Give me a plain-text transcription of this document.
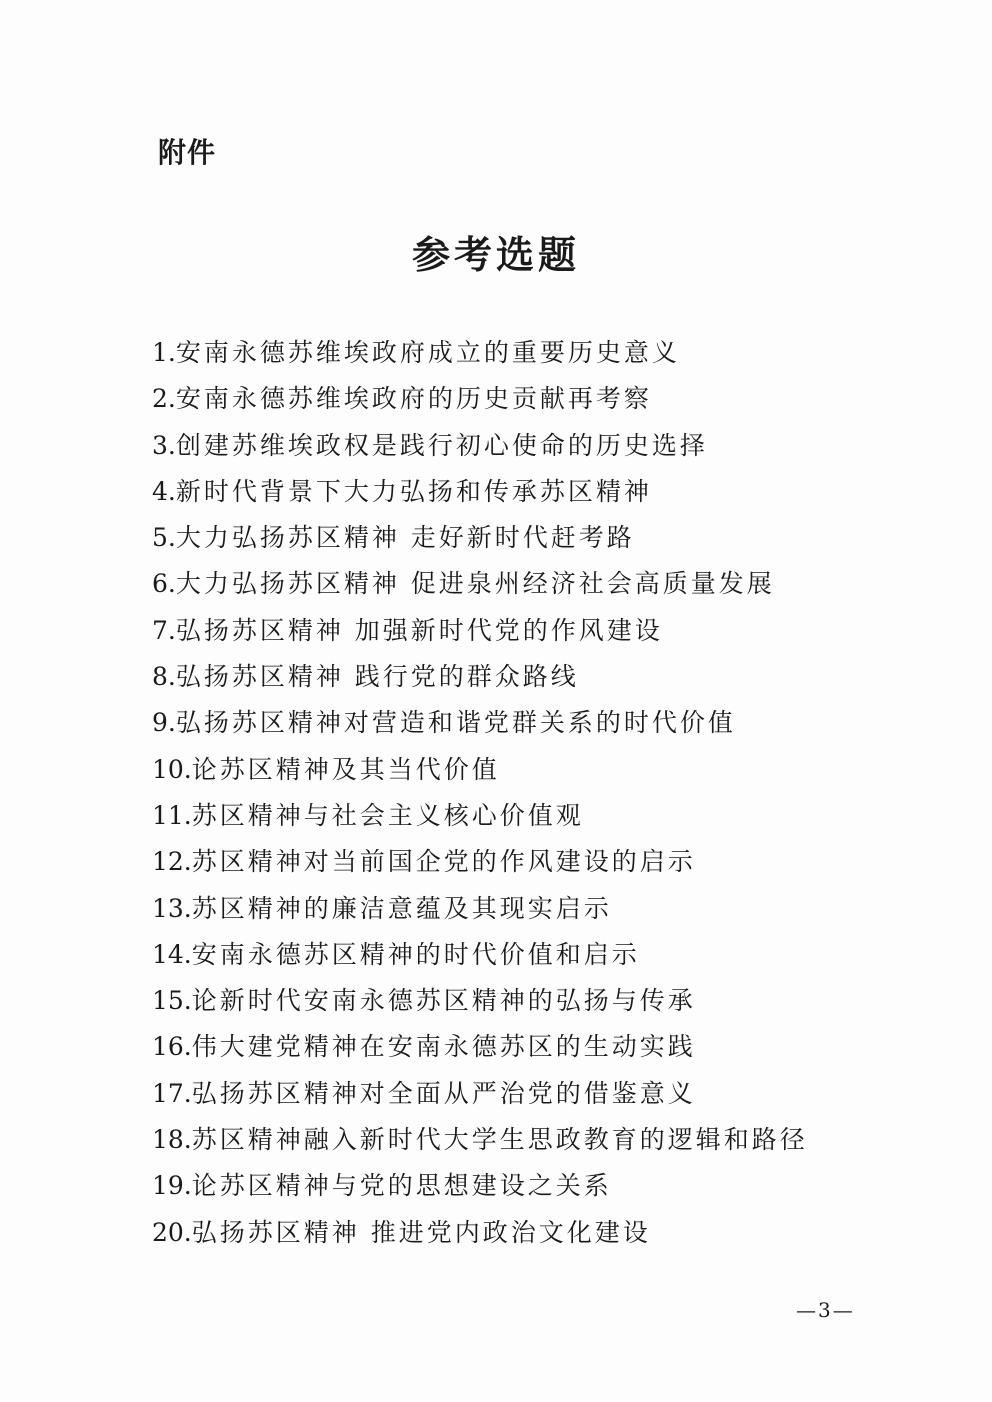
附件
参考选题
1.安南永德苏维埃政府成立的重要历史意义
2.安南永德苏维埃政府的历史贡献再考察
3.创建苏维埃政权是践行初心使命的历史选择
4.新时代背景下大力弘扬和传承苏区精神
5.大力弘扬苏区精神 走好新时代赶考路
6.大力弘扬苏区精神 促进泉州经济社会高质量发展
7.弘扬苏区精神 加强新时代党的作风建设
8.弘扬苏区精神 践行党的群众路线
9.弘扬苏区精神对营造和谐党群关系的时代价值
10.论苏区精神及其当代价值
11.苏区精神与社会主义核心价值观
12.苏区精神对当前国企党的作风建设的启示
13.苏区精神的廉洁意蕴及其现实启示
14.安南永德苏区精神的时代价值和启示
15.论新时代安南永德苏区精神的弘扬与传承
16.伟大建党精神在安南永德苏区的生动实践
17.弘扬苏区精神对全面从严治党的借鉴意义
18.苏区精神融入新时代大学生思政教育的逻辑和路径
19.论苏区精神与党的思想建设之关系
20.弘扬苏区精神 推进党内政治文化建设
—3—
